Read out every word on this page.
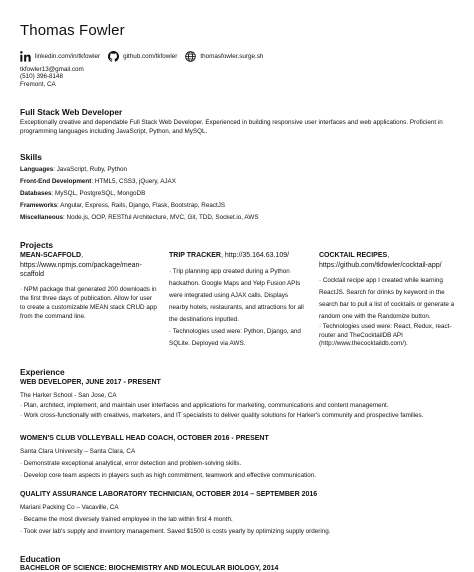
Thomas Fowler
linkedin.com/in/tkfowler	github.com/tkfowler	thomasfowler.surge.sh
tkfowler13@gmail.com
(510) 396-8148
Fremont, CA
Full Stack Web Developer
Exceptionally creative and dependable Full Stack Web Developer. Experienced in building responsive user interfaces and web applications. Proficient in programming languages including JavaScript, Python, and MySQL.
Skills
Languages: JavaScript, Ruby, Python
Front-End Development: HTML5, CSS3, jQuery, AJAX
Databases: MySQL, PostgreSQL, MongoDB
Frameworks: Angular, Express, Rails, Django, Flask, Bootstrap, ReactJS
Miscellaneous: Node.js, OOP, RESTful Architecture, MVC, Git, TDD, Socket.io, AWS
Projects
MEAN-SCAFFOLD,
https://www.npmjs.com/package/mean-scaffold
· NPM package that generated 200 downloads in the first three days of publication. Allow for user to create a customizable MEAN stack CRUD app from the command line.
TRIP TRACKER, http://35.164.63.109/
· Trip planning app created during a Python hackathon. Google Maps and Yelp Fusion APIs were integrated using AJAX calls. Displays nearby hotels, restaurants, and attractions for all the destinations inputted.
· Technologies used were: Python, Django, and SQLite. Deployed via AWS.
COCKTAIL RECIPES,
https://github.com/tkfowler/cocktail-app/
· Cocktail recipe app I created while learning ReactJS. Search for drinks by keyword in the search bar to pull a list of cocktails or generate a random one with the Randomize button.
· Technologies used were: React, Redux, react-router and TheCocktailDB API (http://www.thecocktaildb.com/).
Experience
WEB DEVELOPER, JUNE 2017 - PRESENT
The Harker School - San Jose, CA
· Plan, architect, implement, and maintain user interfaces and applications for marketing, communications and content management.
· Work cross-functionally with creatives, marketers, and IT specialists to deliver quality solutions for Harker's community and prospective families.
WOMEN'S CLUB VOLLEYBALL HEAD COACH, OCTOBER 2016 - PRESENT
Santa Clara University – Santa Clara, CA
· Demonstrate exceptional analytical, error detection and problem-solving skills.
· Develop core team aspects in players such as high commitment, teamwork and effective communication.
QUALITY ASSURANCE LABORATORY TECHNICIAN, OCTOBER 2014 – SEPTEMBER 2016
Mariani Packing Co – Vacaville, CA
· Became the most diversely trained employee in the lab within first 4 month.
· Took over lab's supply and inventory management. Saved $1500 is costs yearly by optimizing supply ordering.
Education
BACHELOR OF SCIENCE: BIOCHEMISTRY AND MOLECULAR BIOLOGY, 2014
